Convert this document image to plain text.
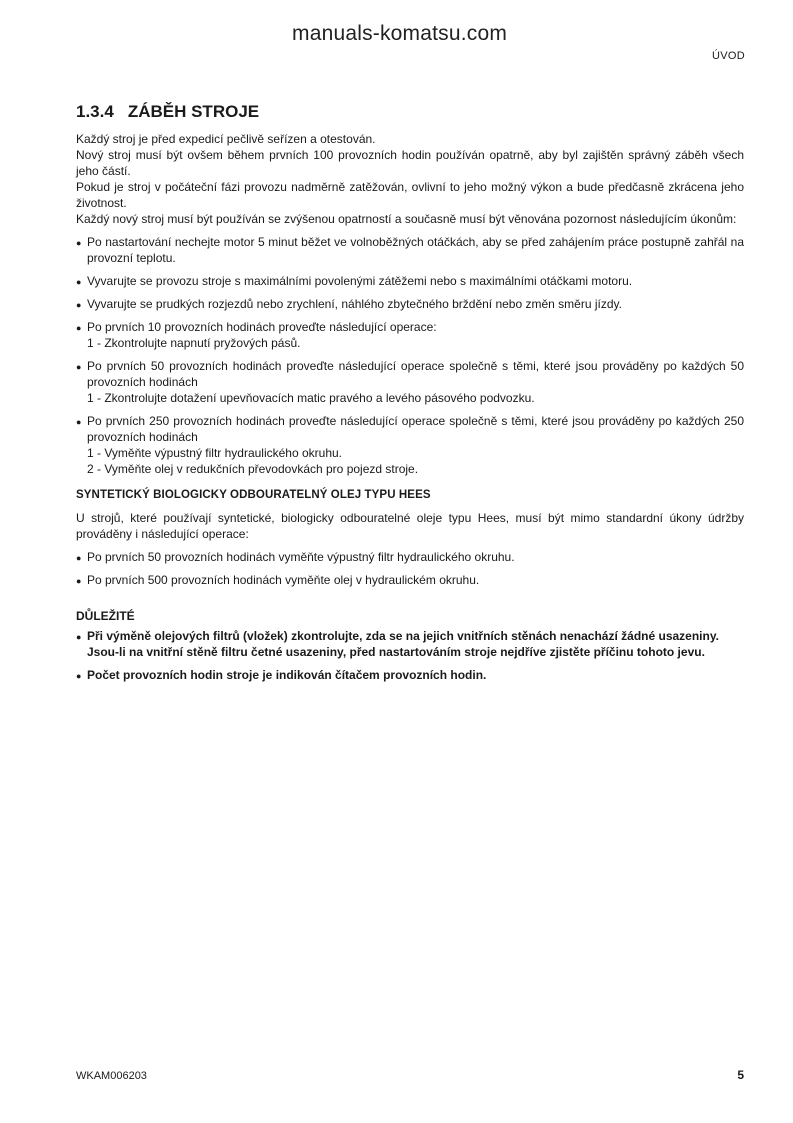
ÚVOD
manuals-komatsu.com
1.3.4 ZÁBĚH STROJE

Každý stroj je před expedicí pečlivě seřízen a otestován.

Nový stroj musí být ovšem během prvních 100 provozních hodin používán opatrně, aby byl zajištěn správný záběh všech jeho částí.

Pokud je stroj v počáteční fázi provozu nadměrně zatěžován, ovlivní to jeho možný výkon a bude předčasně zkrácena jeho životnost.

Každý nový stroj musí být používán se zvýšenou opatrností a současně musí být věnována pozornost následujícím úkonům:

● Po nastartování nechejte motor 5 minut běžet ve volnoběžných otáčkách, aby se před zahájením práce postupně zahřál na provozní teplotu.
● Vyvarujte se provozu stroje s maximálními povolenými zátěžemi nebo s maximálními otáčkami motoru.
● Vyvarujte se prudkých rozjezdů nebo zrychlení, náhlého zbytečného brždění nebo změn směru jízdy.
● Po prvních 10 provozních hodinách proveďte následující operace:
1 - Zkontrolujte napnutí pryžových pásů.
● Po prvních 50 provozních hodinách proveďte následující operace společně s těmi, které jsou prováděny po každých 50 provozních hodinách
1 - Zkontrolujte dotažení upevňovacích matic pravého a levého pásového podvozku.
● Po prvních 250 provozních hodinách proveďte následující operace společně s těmi, které jsou prováděny po každých 250 provozních hodinách
1 - Vyměňte výpustný filtr hydraulického okruhu.
2 - Vyměňte olej v redukčních převodovkách pro pojezd stroje.

SYNTETICKÝ BIOLOGICKY ODBOURATELNÝ OLEJ TYPU HEES

U strojů, které používají syntetické, biologicky odbouratelné oleje typu Hees, musí být mimo standardní úkony údržby prováděny i následující operace:

● Po prvních 50 provozních hodinách vyměňte výpustný filtr hydraulického okruhu.
● Po prvních 500 provozních hodinách vyměňte olej v hydraulickém okruhu.

DŮLEŽITÉ

● Při výměně olejových filtrů (vložek) zkontrolujte, zda se na jejich vnitřních stěnách nenachází žádné usazeniny.
Jsou-li na vnitřní stěně filtru četné usazeniny, před nastartováním stroje nejdříve zjistěte příčinu tohoto jevu.
● Počet provozních hodin stroje je indikován čítačem provozních hodin.
WKAM006203	5
